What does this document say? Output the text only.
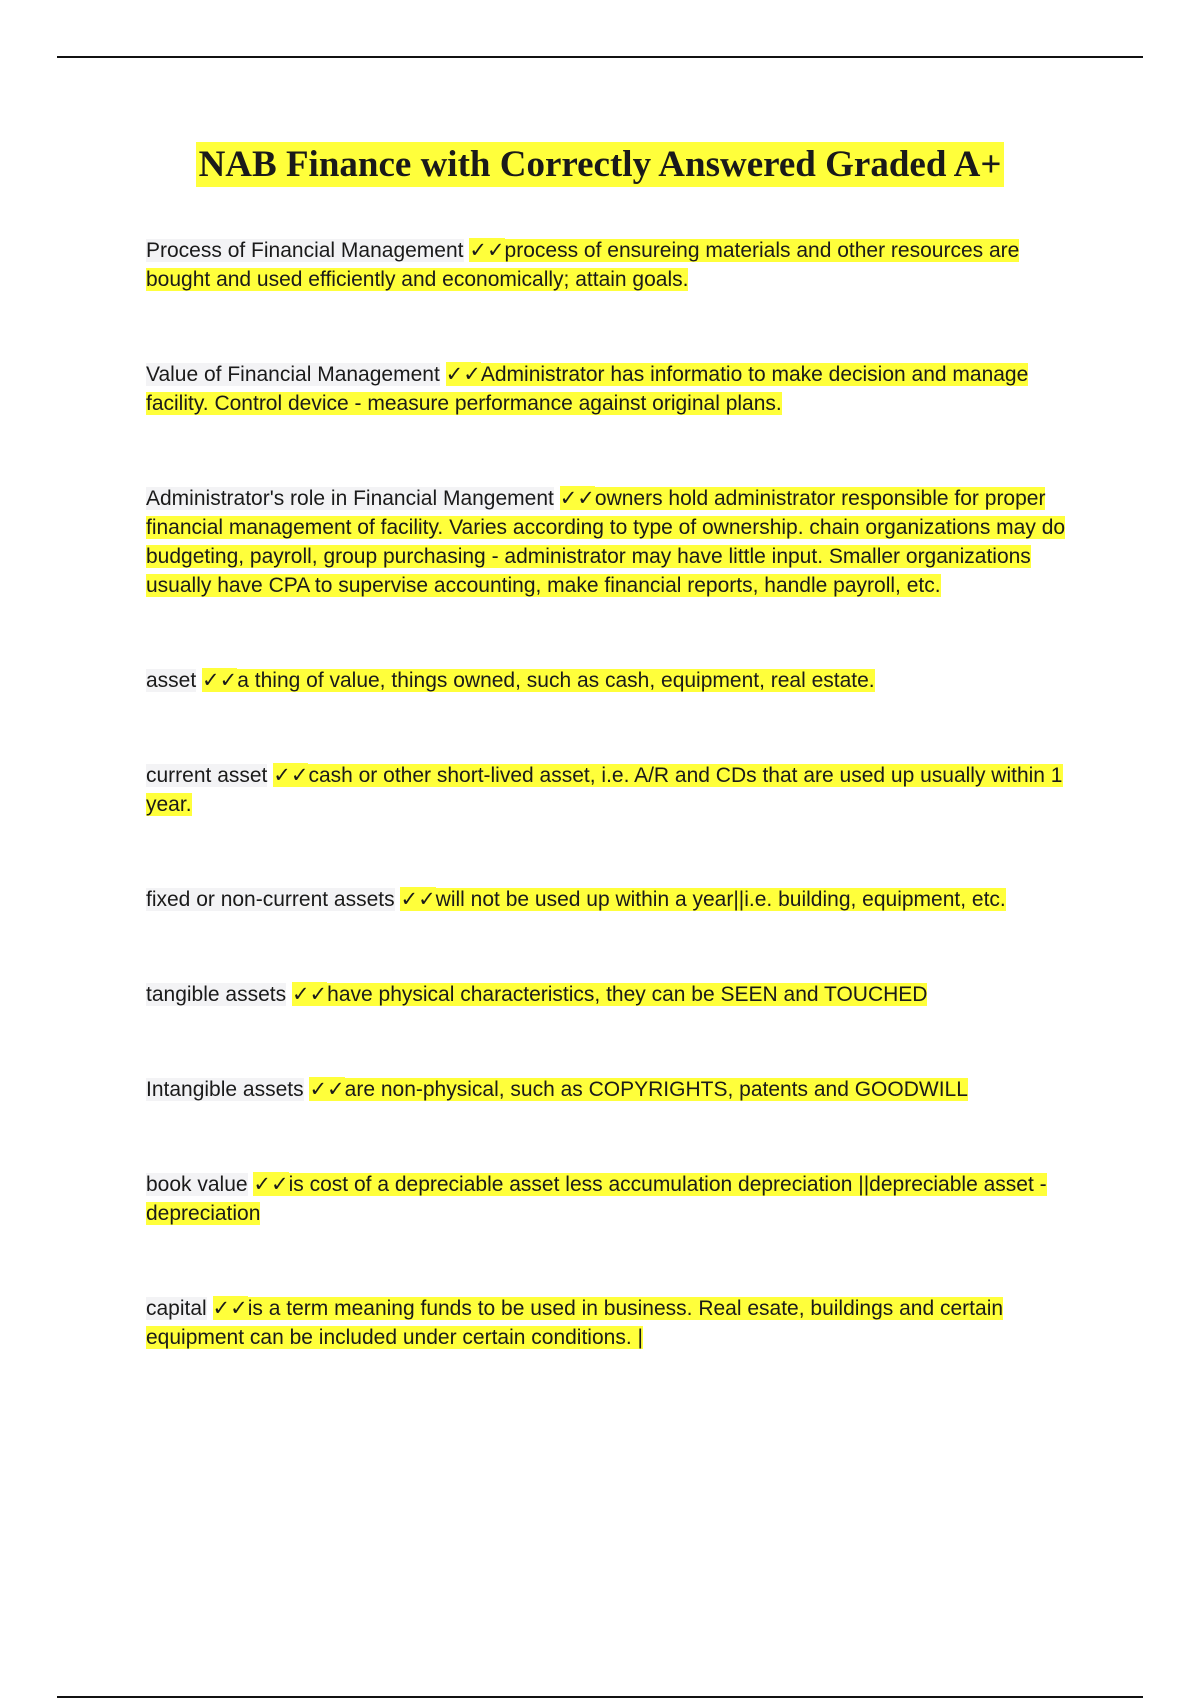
NAB Finance with Correctly Answered Graded A+

Process of Financial Management ✓✓process of ensureing materials and other resources are bought and used efficiently and economically; attain goals.

Value of Financial Management ✓✓Administrator has informatio to make decision and manage facility. Control device - measure performance against original plans.

Administrator's role in Financial Mangement ✓✓owners hold administrator responsible for proper financial management of facility. Varies according to type of ownership. chain organizations may do budgeting, payroll, group purchasing - administrator may have little input. Smaller organizations usually have CPA to supervise accounting, make financial reports, handle payroll, etc.

asset ✓✓a thing of value, things owned, such as cash, equipment, real estate.

current asset ✓✓cash or other short-lived asset, i.e. A/R and CDs that are used up usually within 1 year.

fixed or non-current assets ✓✓will not be used up within a year||i.e. building, equipment, etc.

tangible assets ✓✓have physical characteristics, they can be SEEN and TOUCHED

Intangible assets ✓✓are non-physical, such as COPYRIGHTS, patents and GOODWILL

book value ✓✓is cost of a depreciable asset less accumulation depreciation ||depreciable asset - depreciation

capital ✓✓is a term meaning funds to be used in business. Real esate, buildings and certain equipment can be included under certain conditions. |
